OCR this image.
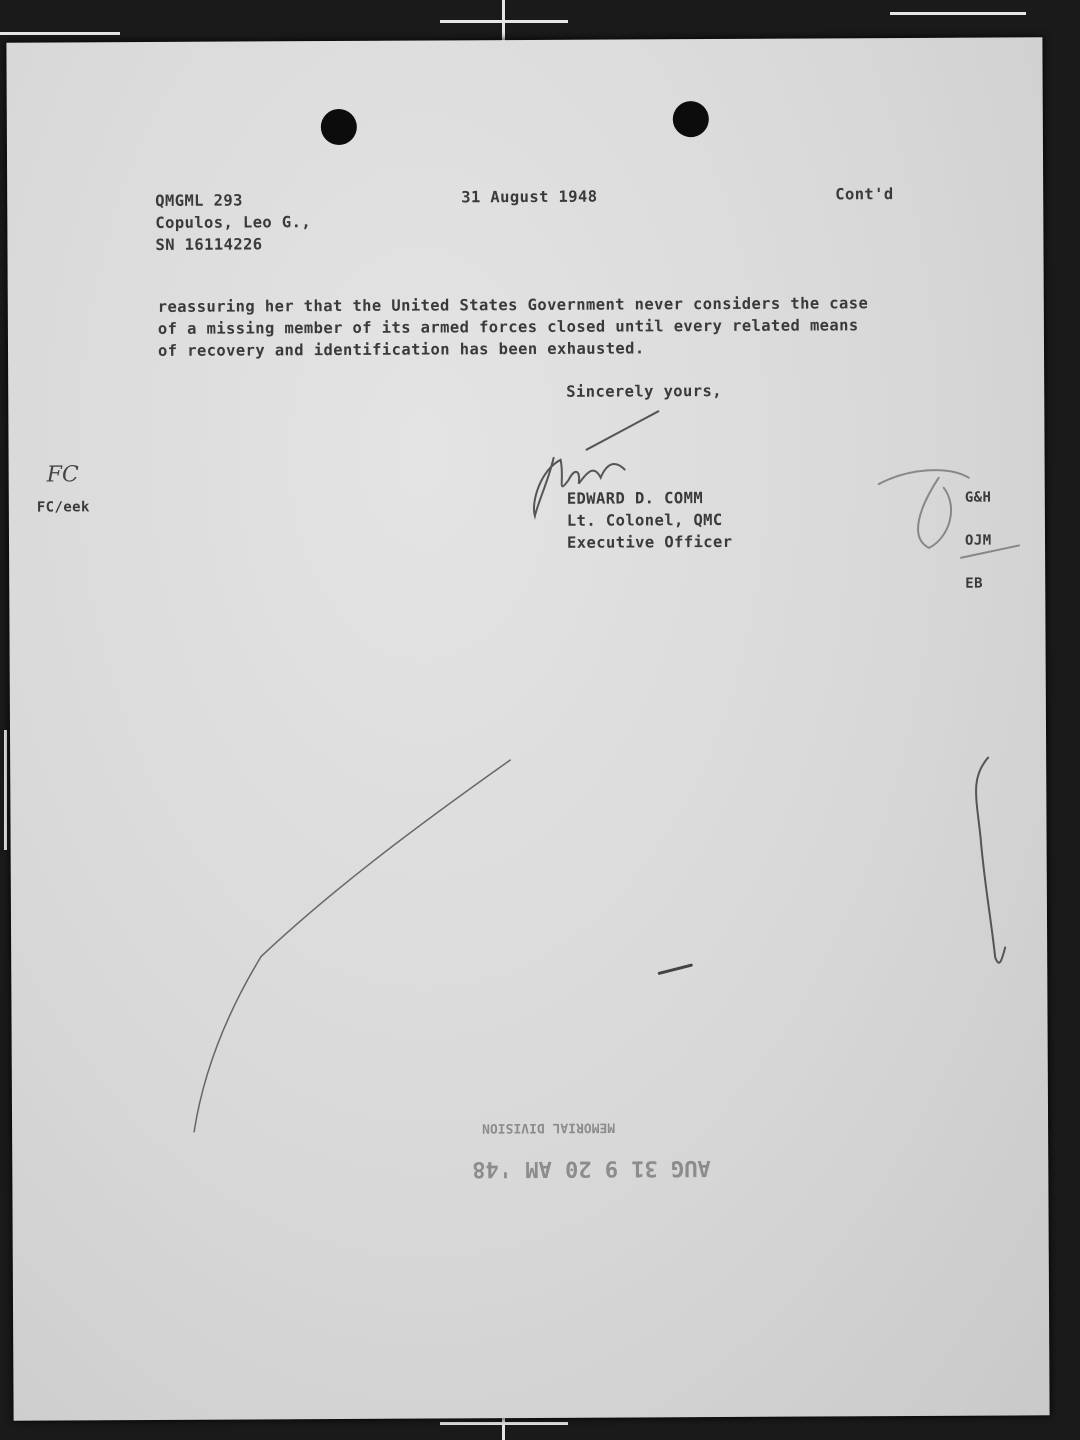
QMGML 293
Copulos, Leo G.,
SN 16114226
31 August 1948	Cont'd
reassuring her that the United States Government never considers the case
of a missing member of its armed forces closed until every related means
of recovery and identification has been exhausted.
Sincerely yours,
EDWARD D. COMM
Lt. Colonel, QMC
Executive Officer
FC
FC/eek
G&H
OJM
EB
MEMORIAL DIVISION
AUG 31 9 20 AM '48
